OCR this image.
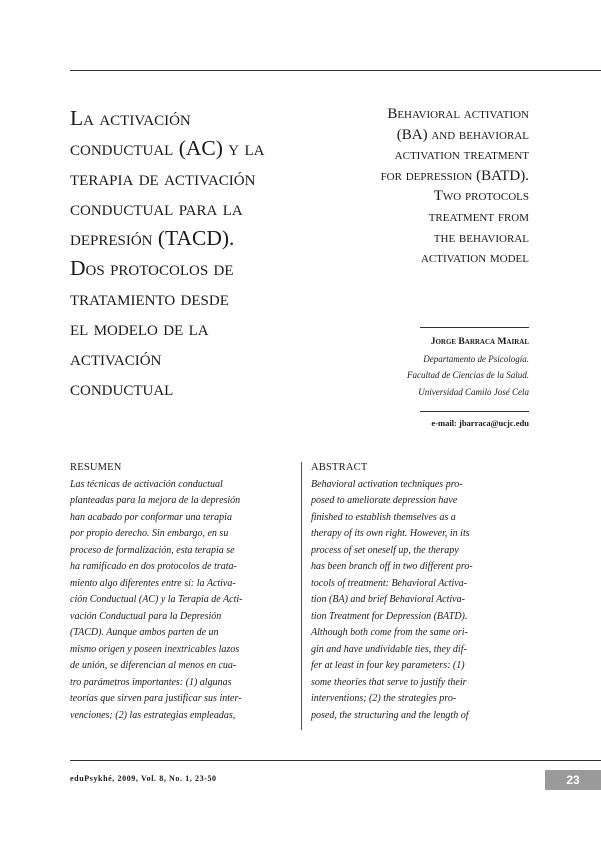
La activación
conductual (AC) y la
terapia de activación
conductual para la
depresión (TACD).
Dos protocolos de
tratamiento desde
el modelo de la
activación
conductual
Behavioral activation
(BA) and behavioral
activation treatment
for depression (BATD).
Two protocols
treatment from
the behavioral
activation model
Jorge Barraca Mairal
Departamento de Psicología.
Facultad de Ciencias de la Salud.
Universidad Camilo José Cela
e-mail: jbarraca@ucjc.edu
RESUMEN
Las técnicas de activación conductual
planteadas para la mejora de la depresión
han acabado por conformar una terapia
por propio derecho. Sin embargo, en su
proceso de formalización, esta terapia se
ha ramificado en dos protocolos de trata-
miento algo diferentes entre sí: la Activa-
ción Conductual (AC) y la Terapia de Acti-
vación Conductual para la Depresión
(TACD). Aunque ambos parten de un
mismo origen y poseen inextricables lazos
de unión, se diferencian al menos en cua-
tro parámetros importantes: (1) algunas
teorías que sirven para justificar sus inter-
venciones; (2) las estrategias empleadas,
ABSTRACT
Behavioral activation techniques pro-
posed to ameliorate depression have
finished to establish themselves as a
therapy of its own right. However, in its
process of set oneself up, the therapy
has been branch off in two different pro-
tocols of treatment: Behavioral Activa-
tion (BA) and brief Behavioral Activa-
tion Treatment for Depression (BATD).
Although both come from the same ori-
gin and have undividable ties, they dif-
fer at least in four key parameters: (1)
some theories that serve to justify their
interventions; (2) the strategies pro-
posed, the structuring and the length of
eduPsykhé, 2009, Vol. 8, No. 1, 23-50	23
